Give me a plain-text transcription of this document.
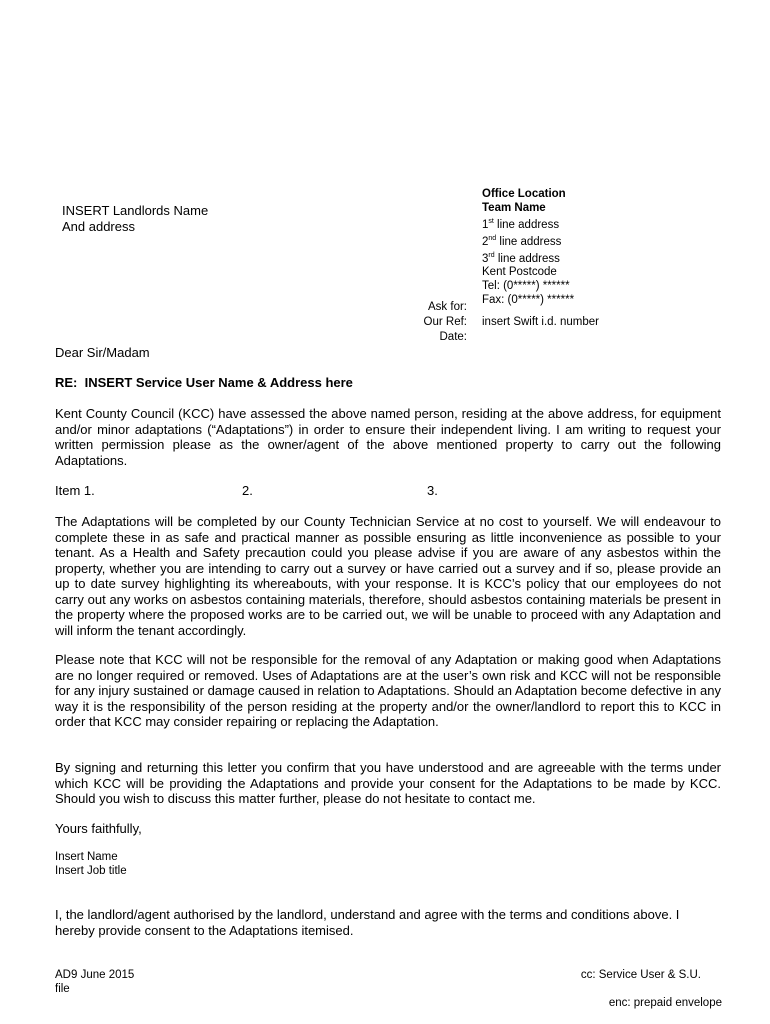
Office Location
Team Name
1st line address
2nd line address
3rd line address
Kent Postcode
Tel: (0*****) ******
Fax: (0*****) ******
INSERT Landlords Name
And address
Ask for:
Our Ref:
Date:
insert Swift i.d. number
Dear Sir/Madam
RE:  INSERT Service User Name & Address here
Kent County Council (KCC) have assessed the above named person, residing at the above address, for equipment and/or minor adaptations (“Adaptations”) in order to ensure their independent living. I am writing to request your written permission please as the owner/agent of the above mentioned property to carry out the following Adaptations.
Item 1.	2.	3.
The Adaptations will be completed by our County Technician Service at no cost to yourself. We will endeavour to complete these in as safe and practical manner as possible ensuring as little inconvenience as possible to your tenant. As a Health and Safety precaution could you please advise if you are aware of any asbestos within the property, whether you are intending to carry out a survey or have carried out a survey and if so, please provide an up to date survey highlighting its whereabouts, with your response. It is KCC’s policy that our employees do not carry out any works on asbestos containing materials, therefore, should asbestos containing materials be present in the property where the proposed works are to be carried out, we will be unable to proceed with any Adaptation and will inform the tenant accordingly.
Please note that KCC will not be responsible for the removal of any Adaptation or making good when Adaptations are no longer required or removed. Uses of Adaptations are at the user’s own risk and KCC will not be responsible for any injury sustained or damage caused in relation to Adaptations. Should an Adaptation become defective in any way it is the responsibility of the person residing at the property and/or the owner/landlord to report this to KCC in order that KCC may consider repairing or replacing the Adaptation.
By signing and returning this letter you confirm that you have understood and are agreeable with the terms under which KCC will be providing the Adaptations and provide your consent for the Adaptations to be made by KCC. Should you wish to discuss this matter further, please do not hesitate to contact me.
Yours faithfully,
Insert Name
Insert Job title
I, the landlord/agent authorised by the landlord, understand and agree with the terms and conditions above. I hereby provide consent to the Adaptations itemised.
AD9 June 2015
file
cc: Service User & S.U.
enc: prepaid envelope
